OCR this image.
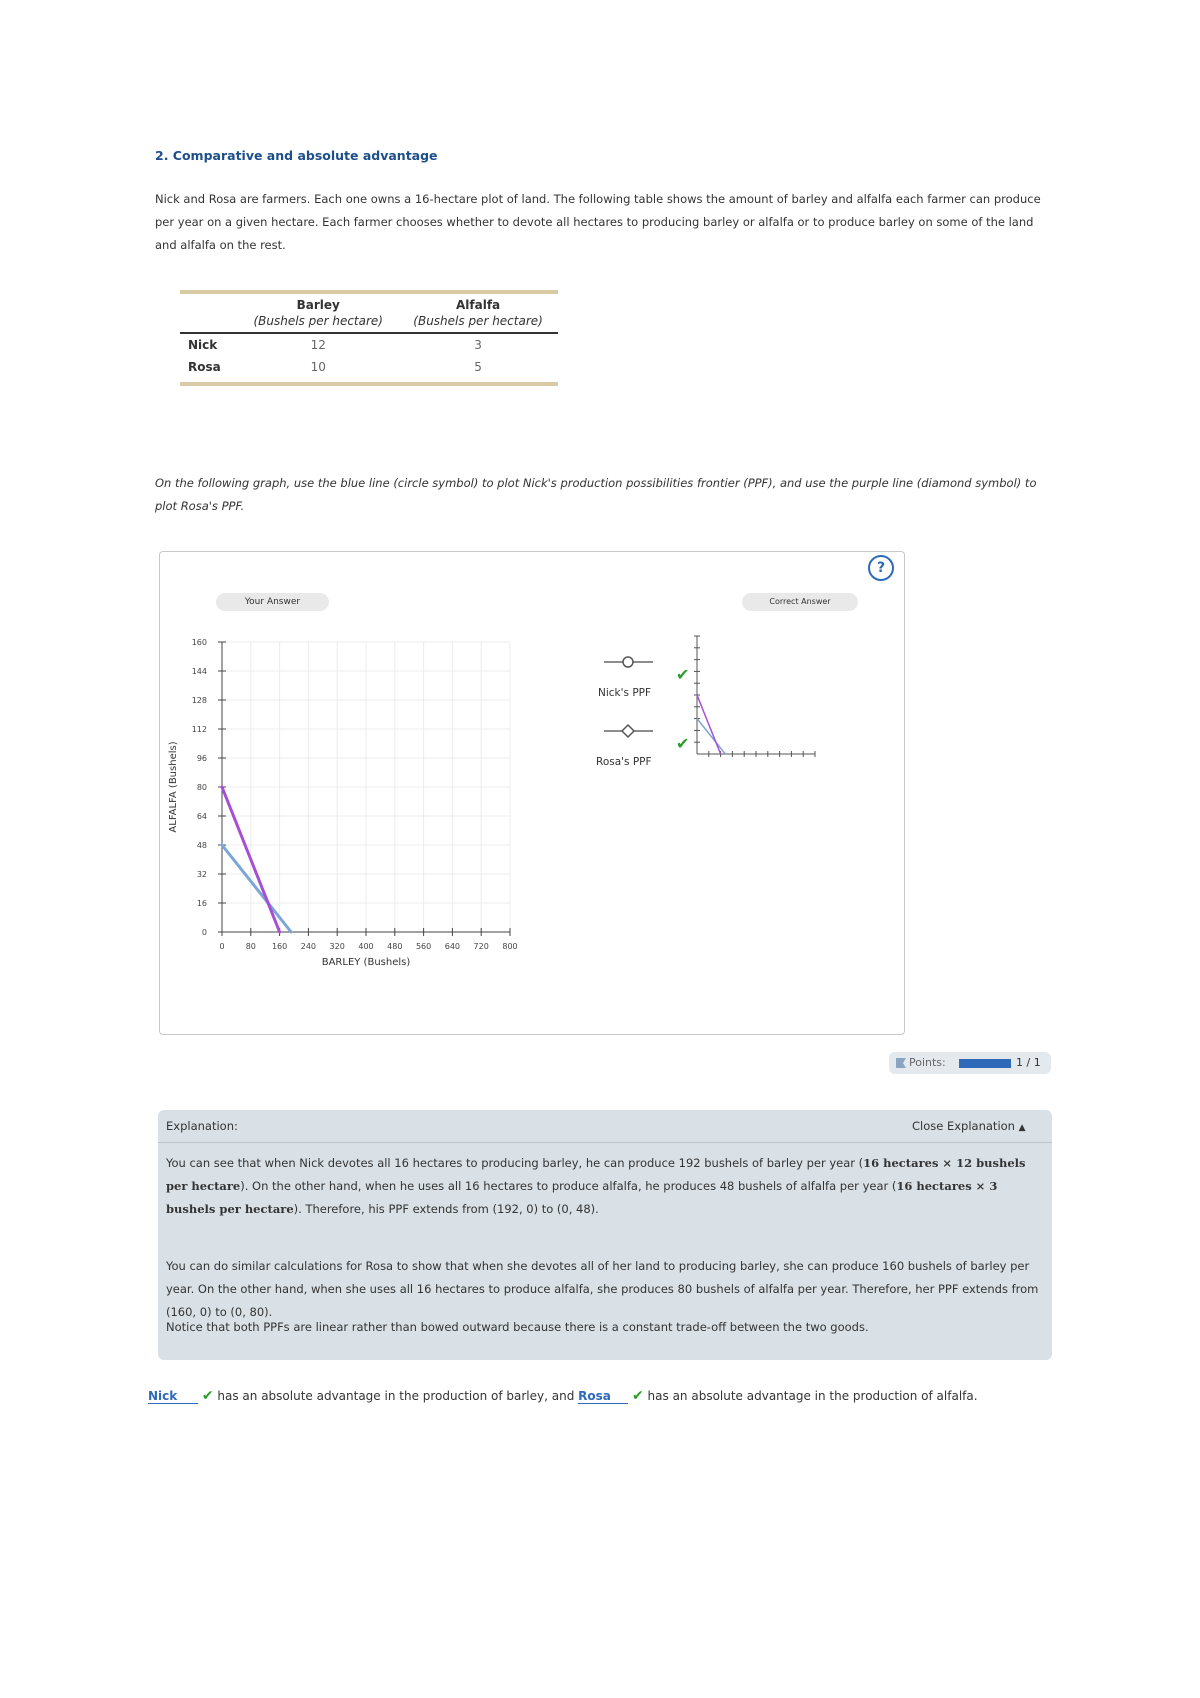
2. Comparative and absolute advantage
Nick and Rosa are farmers. Each one owns a 16-hectare plot of land. The following table shows the amount of barley and alfalfa each farmer can produce per year on a given hectare. Each farmer chooses whether to devote all hectares to producing barley or alfalfa or to produce barley on some of the land and alfalfa on the rest.
	Barley	Alfalfa
	(Bushels per hectare)	(Bushels per hectare)
Nick	12	3
Rosa	10	5
On the following graph, use the blue line (circle symbol) to plot Nick's production possibilities frontier (PPF), and use the purple line (diamond symbol) to plot Rosa's PPF.
Your Answer	Correct Answer
0	80 160 240 320 400 480 560 640 720 800
0
16
32
48
64
80
96
112
128
144
160
ALFALFA (Bushels)
BARLEY (Bushels)
Nick's PPF
Rosa's PPF
✔
✔
?
Points:	1 / 1
Explanation:	Close Explanation ▲
You can see that when Nick devotes all 16 hectares to producing barley, he can produce 192 bushels of barley per year (16 hectares × 12 bushels per hectare). On the other hand, when he uses all 16 hectares to produce alfalfa, he produces 48 bushels of alfalfa per year (16 hectares × 3 bushels per hectare). Therefore, his PPF extends from (192, 0) to (0, 48).
You can do similar calculations for Rosa to show that when she devotes all of her land to producing barley, she can produce 160 bushels of barley per year. On the other hand, when she uses all 16 hectares to produce alfalfa, she produces 80 bushels of alfalfa per year. Therefore, her PPF extends from (160, 0) to (0, 80).
Notice that both PPFs are linear rather than bowed outward because there is a constant trade-off between the two goods.
Nick ✔ has an absolute advantage in the production of barley, and Rosa ✔ has an absolute advantage in the production of alfalfa.
